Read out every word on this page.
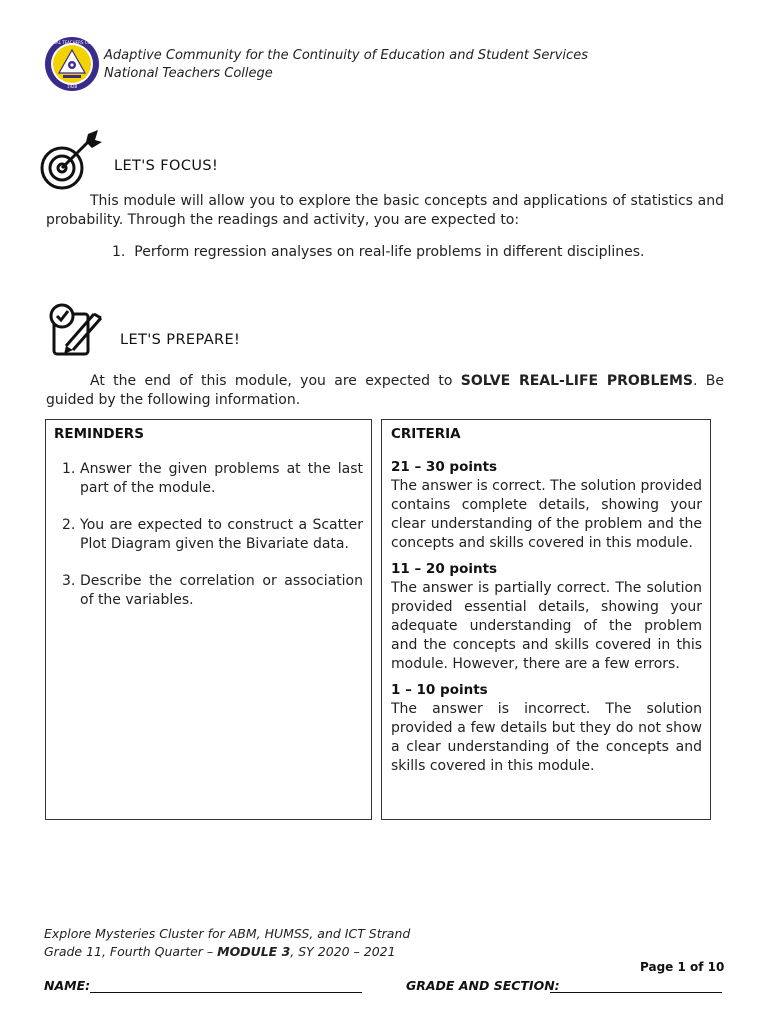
NATIONAL TEACHERS COLLEGE
1928
Adaptive Community for the Continuity of Education and Student Services
National Teachers College
LET'S FOCUS!

This module will allow you to explore the basic concepts and applications of statistics and probability. Through the readings and activity, you are expected to:

1. Perform regression analyses on real-life problems in different disciplines.
LET'S PREPARE!

At the end of this module, you are expected to SOLVE REAL-LIFE PROBLEMS. Be guided by the following information.

REMINDERS

1. Answer the given problems at the last part of the module.
2. You are expected to construct a Scatter Plot Diagram given the Bivariate data.
3. Describe the correlation or association of the variables.

CRITERIA

21 – 30 points

The answer is correct. The solution provided contains complete details, showing your clear understanding of the problem and the concepts and skills covered in this module.

11 – 20 points

The answer is partially correct. The solution provided essential details, showing your adequate understanding of the problem and the concepts and skills covered in this module. However, there are a few errors.

1 – 10 points

The answer is incorrect. The solution provided a few details but they do not show a clear understanding of the concepts and skills covered in this module.

Explore Mysteries Cluster for ABM, HUMSS, and ICT Strand
Grade 11, Fourth Quarter – MODULE 3, SY 2020 – 2021
Page 1 of 10
NAME:	GRADE AND SECTION:
